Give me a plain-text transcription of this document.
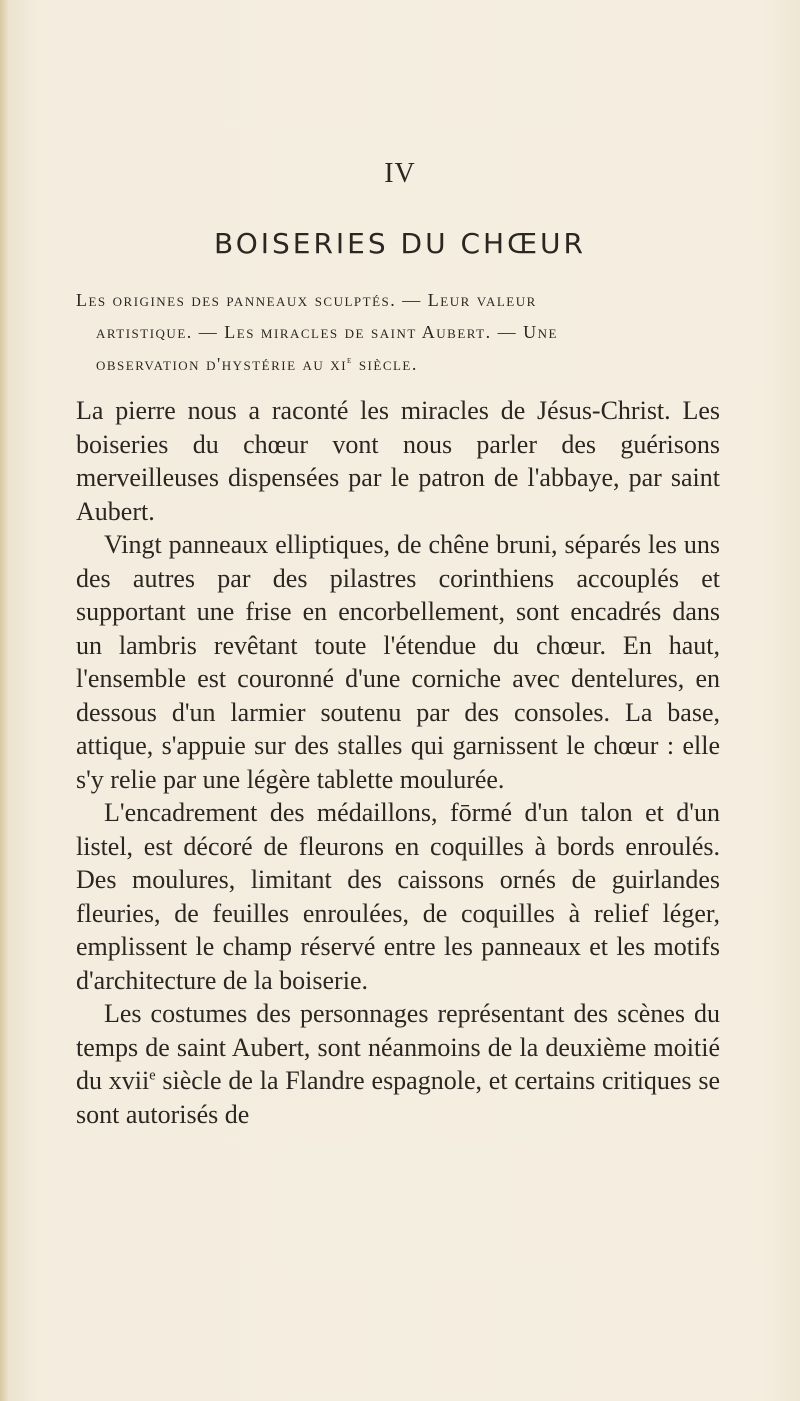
IV
BOISERIES DU CHŒUR
Les origines des panneaux sculptés. — Leur valeur
artistique. — Les miracles de saint Aubert. — Une
observation d'hystérie au $xi^e$ siècle.

La pierre nous a raconté les miracles de Jésus-Christ. Les boiseries du chœur vont nous parler des guérisons merveilleuses dispensées par le patron de l'abbaye, par saint Aubert.

Vingt panneaux elliptiques, de chêne bruni, séparés les uns des autres par des pilastres corinthiens accouplés et supportant une frise en encorbellement, sont encadrés dans un lambris revêtant toute l'étendue du chœur. En haut, l'ensemble est couronné d'une corniche avec dentelures, en dessous d'un larmier soutenu par des consoles. La base, attique, s'appuie sur des stalles qui garnissent le chœur : elle s'y relie par une légère tablette moulurée.

L'encadrement des médaillons, fōrmé d'un talon et d'un listel, est décoré de fleurons en coquilles à bords enroulés. Des moulures, limitant des caissons ornés de guirlandes fleuries, de feuilles enroulées, de coquilles à relief léger, emplissent le champ réservé entre les panneaux et les motifs d'architecture de la boiserie.

Les costumes des personnages représentant des scènes du temps de saint Aubert, sont néanmoins de la deuxième moitié du xvii$^e$ siècle de la Flandre espagnole, et certains critiques se sont autorisés de
